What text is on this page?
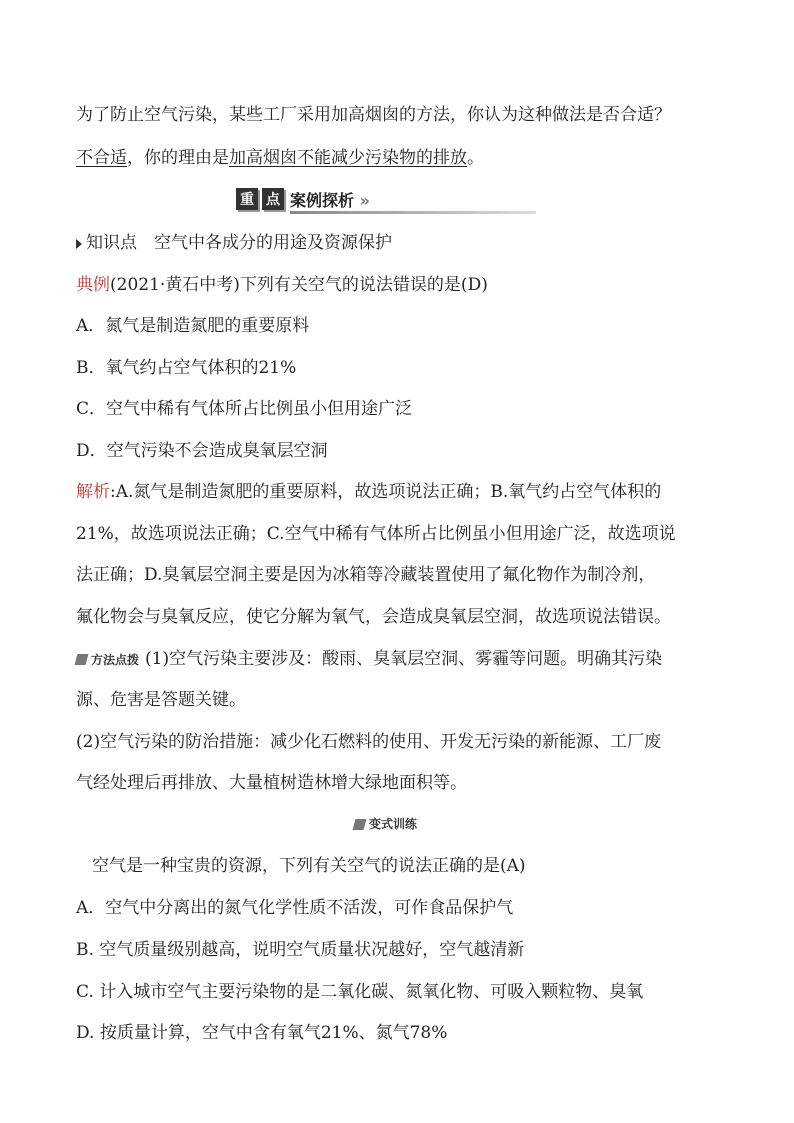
为了防止空气污染，某些工厂采用加高烟囱的方法，你认为这种做法是否合适？
不合适，你的理由是加高烟囱不能减少污染物的排放。
重 点 案例探析 »
知识点　空气中各成分的用途及资源保护
典例(2021·黄石中考)下列有关空气的说法错误的是(D)
A．氮气是制造氮肥的重要原料
B．氧气约占空气体积的21%
C．空气中稀有气体所占比例虽小但用途广泛
D．空气污染不会造成臭氧层空洞
解析:A.氮气是制造氮肥的重要原料，故选项说法正确；B.氧气约占空气体积的
21%，故选项说法正确；C.空气中稀有气体所占比例虽小但用途广泛，故选项说
法正确；D.臭氧层空洞主要是因为冰箱等冷藏装置使用了氟化物作为制冷剂，
氟化物会与臭氧反应，使它分解为氧气，会造成臭氧层空洞，故选项说法错误。
方法点拨 (1)空气污染主要涉及：酸雨、臭氧层空洞、雾霾等问题。明确其污染
源、危害是答题关键。
(2)空气污染的防治措施：减少化石燃料的使用、开发无污染的新能源、工厂废
气经处理后再排放、大量植树造林增大绿地面积等。
变式训练
空气是一种宝贵的资源，下列有关空气的说法正确的是(A)
A．空气中分离出的氮气化学性质不活泼，可作食品保护气
B. 空气质量级别越高，说明空气质量状况越好，空气越清新
C. 计入城市空气主要污染物的是二氧化碳、氮氧化物、可吸入颗粒物、臭氧
D. 按质量计算，空气中含有氧气21%、氮气78%
